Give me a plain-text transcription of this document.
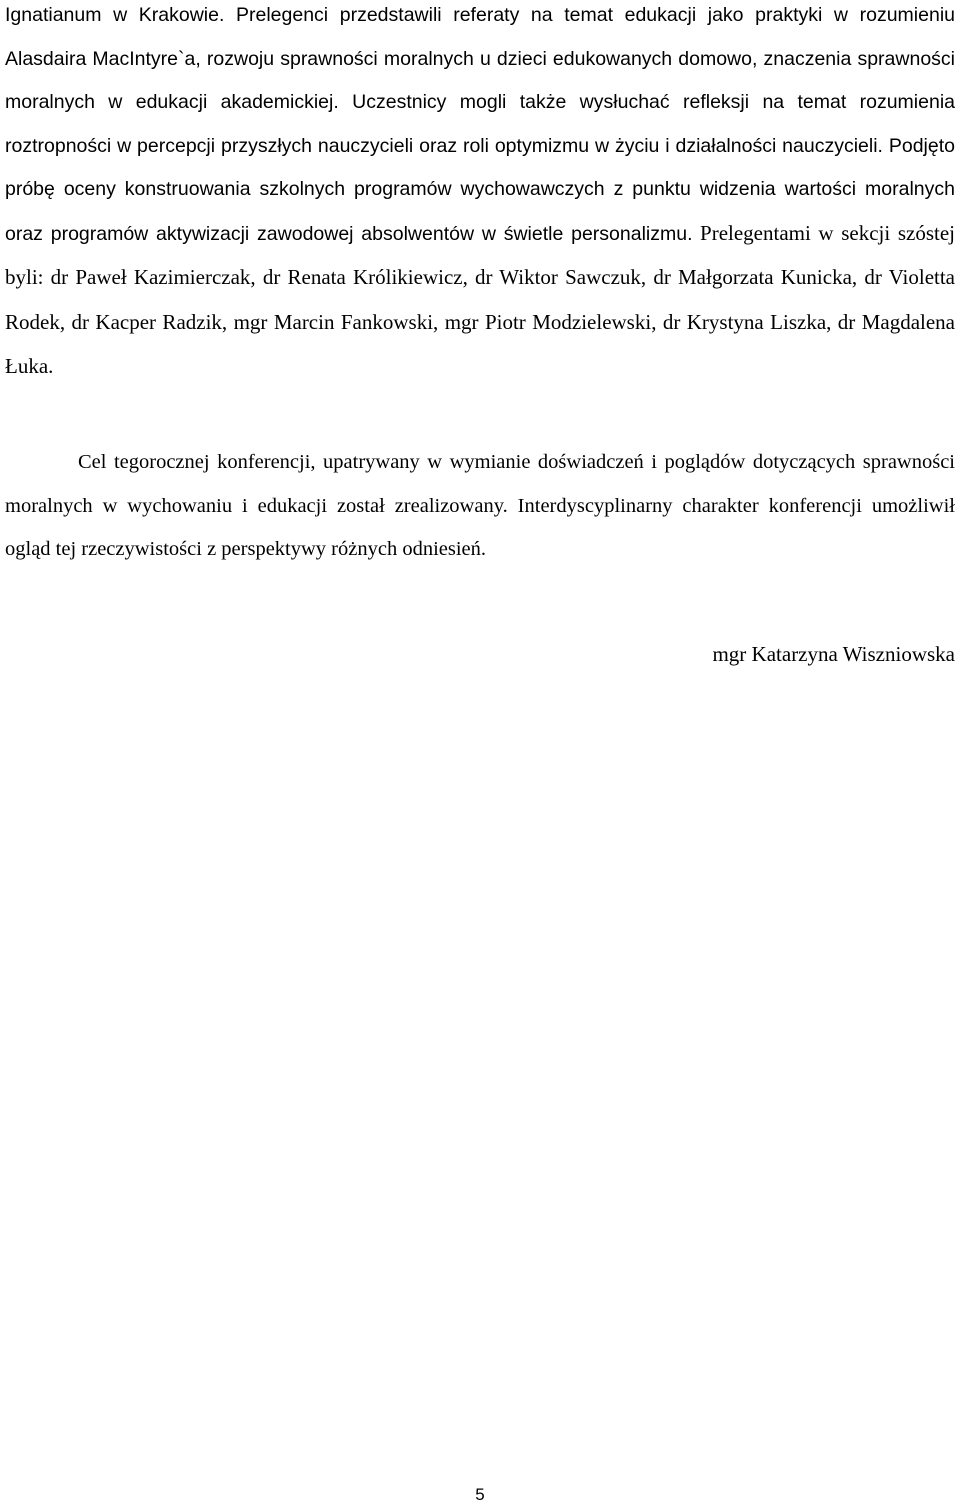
Ignatianum w Krakowie. Prelegenci przedstawili referaty na temat edukacji jako praktyki w rozumieniu Alasdaira MacIntyre`a, rozwoju sprawności moralnych u dzieci edukowanych domowo, znaczenia sprawności moralnych w edukacji akademickiej. Uczestnicy mogli także wysłuchać refleksji na temat rozumienia roztropności w percepcji przyszłych nauczycieli oraz roli optymizmu w życiu i działalności nauczycieli. Podjęto próbę oceny konstruowania szkolnych programów wychowawczych z punktu widzenia wartości moralnych oraz programów aktywizacji zawodowej absolwentów w świetle personalizmu. Prelegentami w sekcji szóstej byli: dr Paweł Kazimierczak, dr Renata Królikiewicz, dr Wiktor Sawczuk, dr Małgorzata Kunicka, dr Violetta Rodek, dr Kacper Radzik, mgr Marcin Fankowski, mgr Piotr Modzielewski, dr Krystyna Liszka, dr Magdalena Łuka.

Cel tegorocznej konferencji, upatrywany w wymianie doświadczeń i poglądów dotyczących sprawności moralnych w wychowaniu i edukacji został zrealizowany. Interdyscyplinarny charakter konferencji umożliwił ogląd tej rzeczywistości z perspektywy różnych odniesień.

mgr Katarzyna Wiszniowska

5
